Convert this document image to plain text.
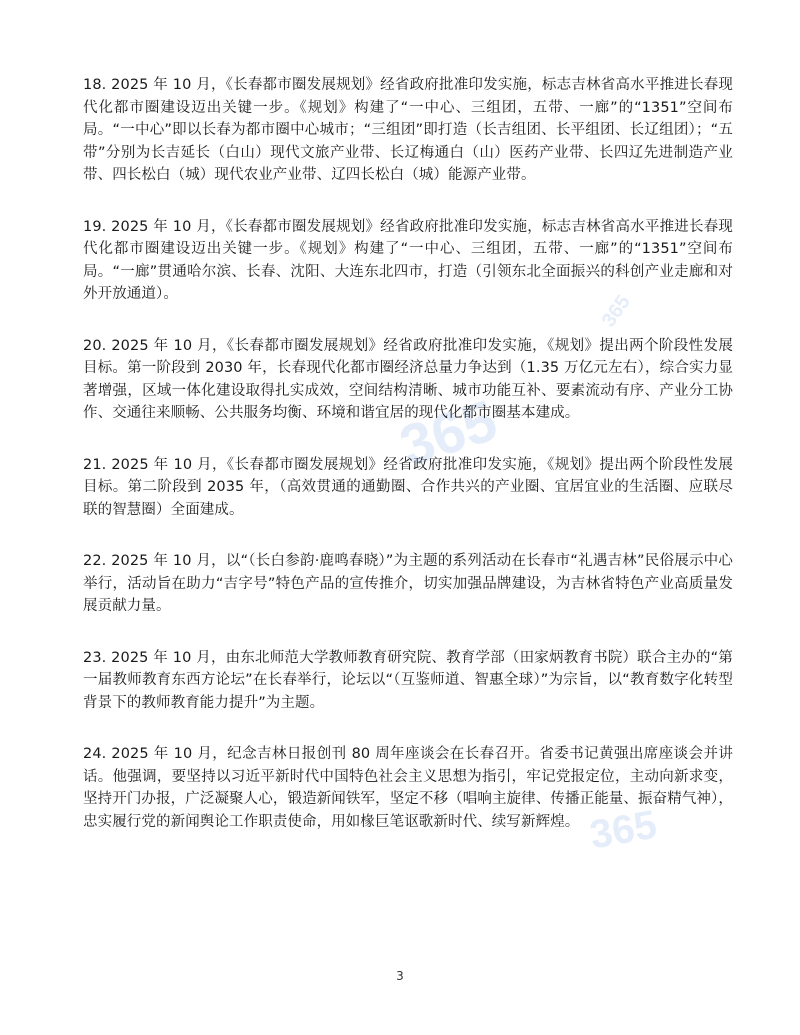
365
365
365

18. 2025 年 10 月，《长春都市圈发展规划》经省政府批准印发实施，标志吉林省高水平推进长春现代化都市圈建设迈出关键一步。《规划》构建了“一中心、三组团，五带、一廊”的“1351”空间布局。“一中心”即以长春为都市圈中心城市；“三组团”即打造（长吉组团、长平组团、长辽组团）；“五带”分别为长吉延长（白山）现代文旅产业带、长辽梅通白（山）医药产业带、长四辽先进制造产业带、四长松白（城）现代农业产业带、辽四长松白（城）能源产业带。

19. 2025 年 10 月，《长春都市圈发展规划》经省政府批准印发实施，标志吉林省高水平推进长春现代化都市圈建设迈出关键一步。《规划》构建了“一中心、三组团，五带、一廊”的“1351”空间布局。“一廊”贯通哈尔滨、长春、沈阳、大连东北四市，打造（引领东北全面振兴的科创产业走廊和对外开放通道）。

20. 2025 年 10 月，《长春都市圈发展规划》经省政府批准印发实施，《规划》提出两个阶段性发展目标。第一阶段到 2030 年，长春现代化都市圈经济总量力争达到（1.35 万亿元左右），综合实力显著增强，区域一体化建设取得扎实成效，空间结构清晰、城市功能互补、要素流动有序、产业分工协作、交通往来顺畅、公共服务均衡、环境和谐宜居的现代化都市圈基本建成。

21. 2025 年 10 月，《长春都市圈发展规划》经省政府批准印发实施，《规划》提出两个阶段性发展目标。第二阶段到 2035 年，（高效贯通的通勤圈、合作共兴的产业圈、宜居宜业的生活圈、应联尽联的智慧圈）全面建成。

22. 2025 年 10 月，以“（长白参韵·鹿鸣春晓）”为主题的系列活动在长春市“礼遇吉林”民俗展示中心举行，活动旨在助力“吉字号”特色产品的宣传推介，切实加强品牌建设，为吉林省特色产业高质量发展贡献力量。

23. 2025 年 10 月，由东北师范大学教师教育研究院、教育学部（田家炳教育书院）联合主办的“第一届教师教育东西方论坛”在长春举行，论坛以“（互鉴师道、智惠全球）”为宗旨，以“教育数字化转型背景下的教师教育能力提升”为主题。

24. 2025 年 10 月，纪念吉林日报创刊 80 周年座谈会在长春召开。省委书记黄强出席座谈会并讲话。他强调，要坚持以习近平新时代中国特色社会主义思想为指引，牢记党报定位，主动向新求变，坚持开门办报，广泛凝聚人心，锻造新闻铁军，坚定不移（唱响主旋律、传播正能量、振奋精气神），忠实履行党的新闻舆论工作职责使命，用如椽巨笔讴歌新时代、续写新辉煌。

3
